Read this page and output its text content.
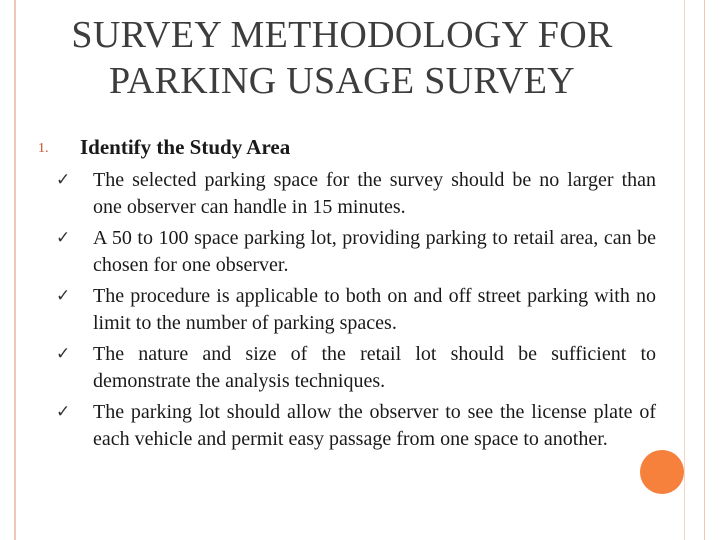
SURVEY METHODOLOGY FOR
PARKING USAGE SURVEY
1. Identify the Study Area
✓ The selected parking space for the survey should be no larger than one observer can handle in 15 minutes.
✓ A 50 to 100 space parking lot, providing parking to retail area, can be chosen for one observer.
✓ The procedure is applicable to both on and off street parking with no limit to the number of parking spaces.
✓ The nature and size of the retail lot should be sufficient to demonstrate the analysis techniques.
✓ The parking lot should allow the observer to see the license plate of each vehicle and permit easy passage from one space to another.
